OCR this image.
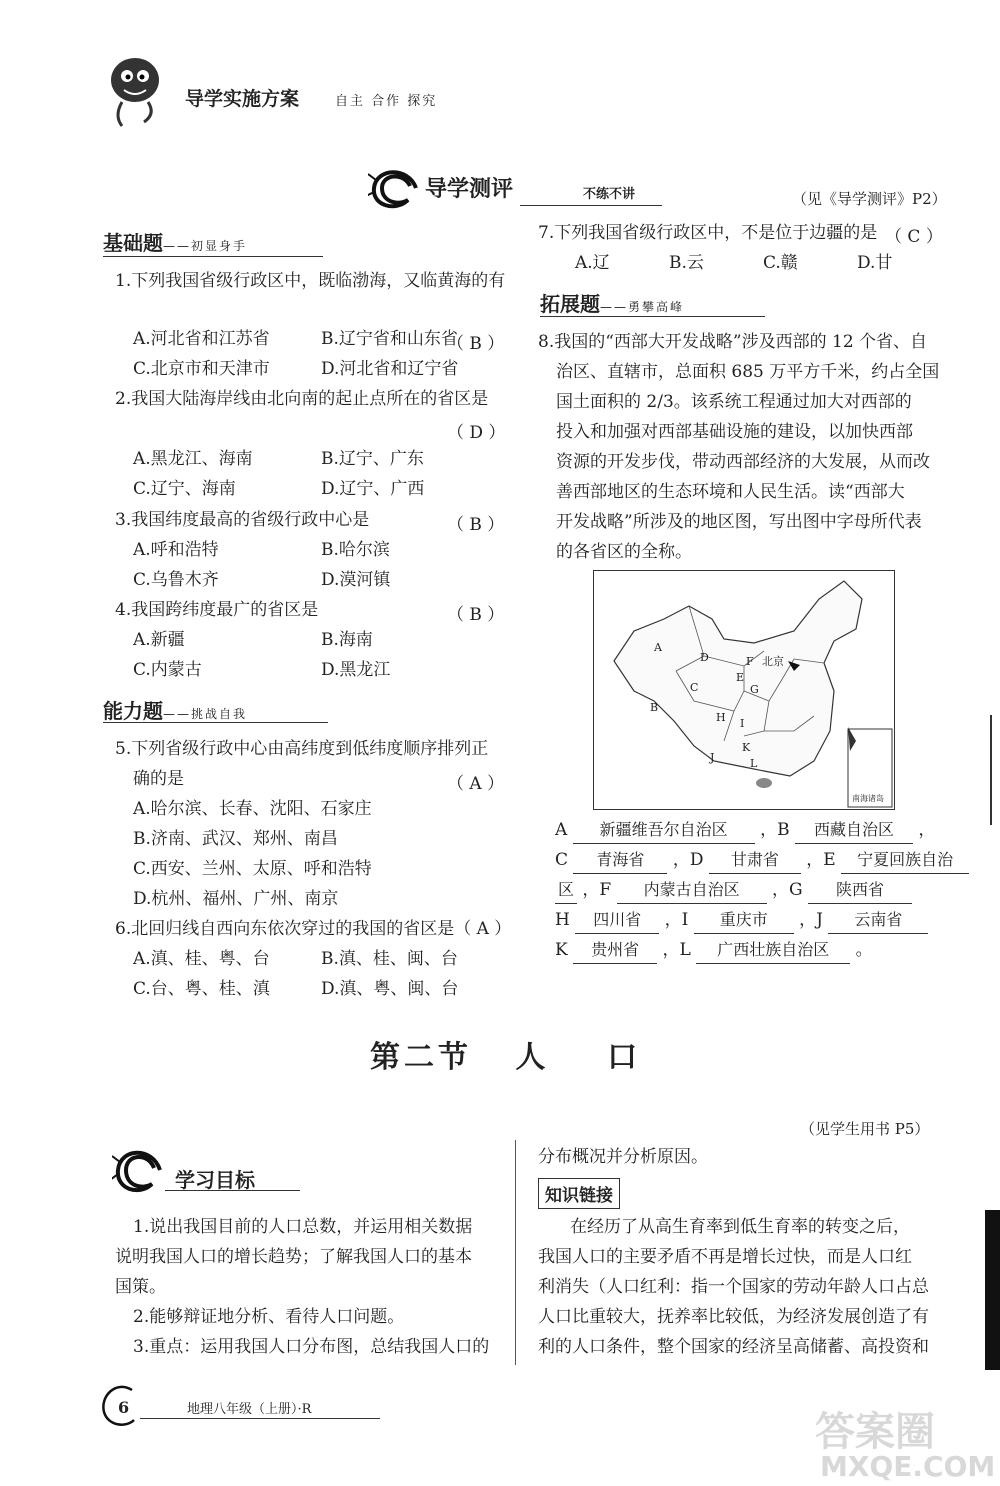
导学实施方案	自主 合作 探究
导学测评	不练不讲	（见《导学测评》P2）
基础题——初显身手
1.下列我国省级行政区中，既临渤海，又临黄海的有
（ B ）
A.河北省和江苏省	B.辽宁省和山东省
C.北京市和天津市	D.河北省和辽宁省
2.我国大陆海岸线由北向南的起止点所在的省区是
（ D ）
A.黑龙江、海南	B.辽宁、广东
C.辽宁、海南	D.辽宁、广西
3.我国纬度最高的省级行政中心是	（ B ）
A.呼和浩特	B.哈尔滨
C.乌鲁木齐	D.漠河镇
4.我国跨纬度最广的省区是	（ B ）
A.新疆	B.海南
C.内蒙古	D.黑龙江
能力题——挑战自我
5.下列省级行政中心由高纬度到低纬度顺序排列正
确的是	（ A ）
A.哈尔滨、长春、沈阳、石家庄
B.济南、武汉、郑州、南昌
C.西安、兰州、太原、呼和浩特
D.杭州、福州、广州、南京
6.北回归线自西向东依次穿过的我国的省区是（ A ）
A.滇、桂、粤、台	B.滇、桂、闽、台
C.台、粤、桂、滇	D.滇、粤、闽、台
7.下列我国省级行政区中，不是位于边疆的是 （ C ）
A.辽	B.云	C.赣	D.甘
拓展题——勇攀高峰
8.我国的“西部大开发战略”涉及西部的 12 个省、自
治区、直辖市，总面积 685 万平方千米，约占全国
国土面积的 2/3。该系统工程通过加大对西部的
投入和加强对西部基础设施的建设，以加快西部
资源的开发步伐，带动西部经济的大发展，从而改
善西部地区的生态环境和人民生活。读“西部大
开发战略”所涉及的地区图，写出图中字母所代表
的各省区的全称。
A
B
C
D
E
F
G
H I
J
K
L
北京
南海诸岛
A 新疆维吾尔自治区 ，B 西藏自治区 ，
C 青海省 ，D 甘肃省 ，E 宁夏回族自治
区 ，F 内蒙古自治区 ，G 陕西省
H 四川省 ，I 重庆市 ，J 云南省
K 贵州省 ，L 广西壮族自治区 。
第二节   人    口
（见学生用书 P5）
学习目标
1.说出我国目前的人口总数，并运用相关数据
说明我国人口的增长趋势；了解我国人口的基本
国策。
2.能够辩证地分析、看待人口问题。
3.重点：运用我国人口分布图，总结我国人口的
分布概况并分析原因。
知识链接
在经历了从高生育率到低生育率的转变之后，
我国人口的主要矛盾不再是增长过快，而是人口红
利消失（人口红利：指一个国家的劳动年龄人口占总
人口比重较大，抚养率比较低，为经济发展创造了有
利的人口条件，整个国家的经济呈高储蓄、高投资和
6	地理八年级（上册）·R	答案圈
MXQE.COM
